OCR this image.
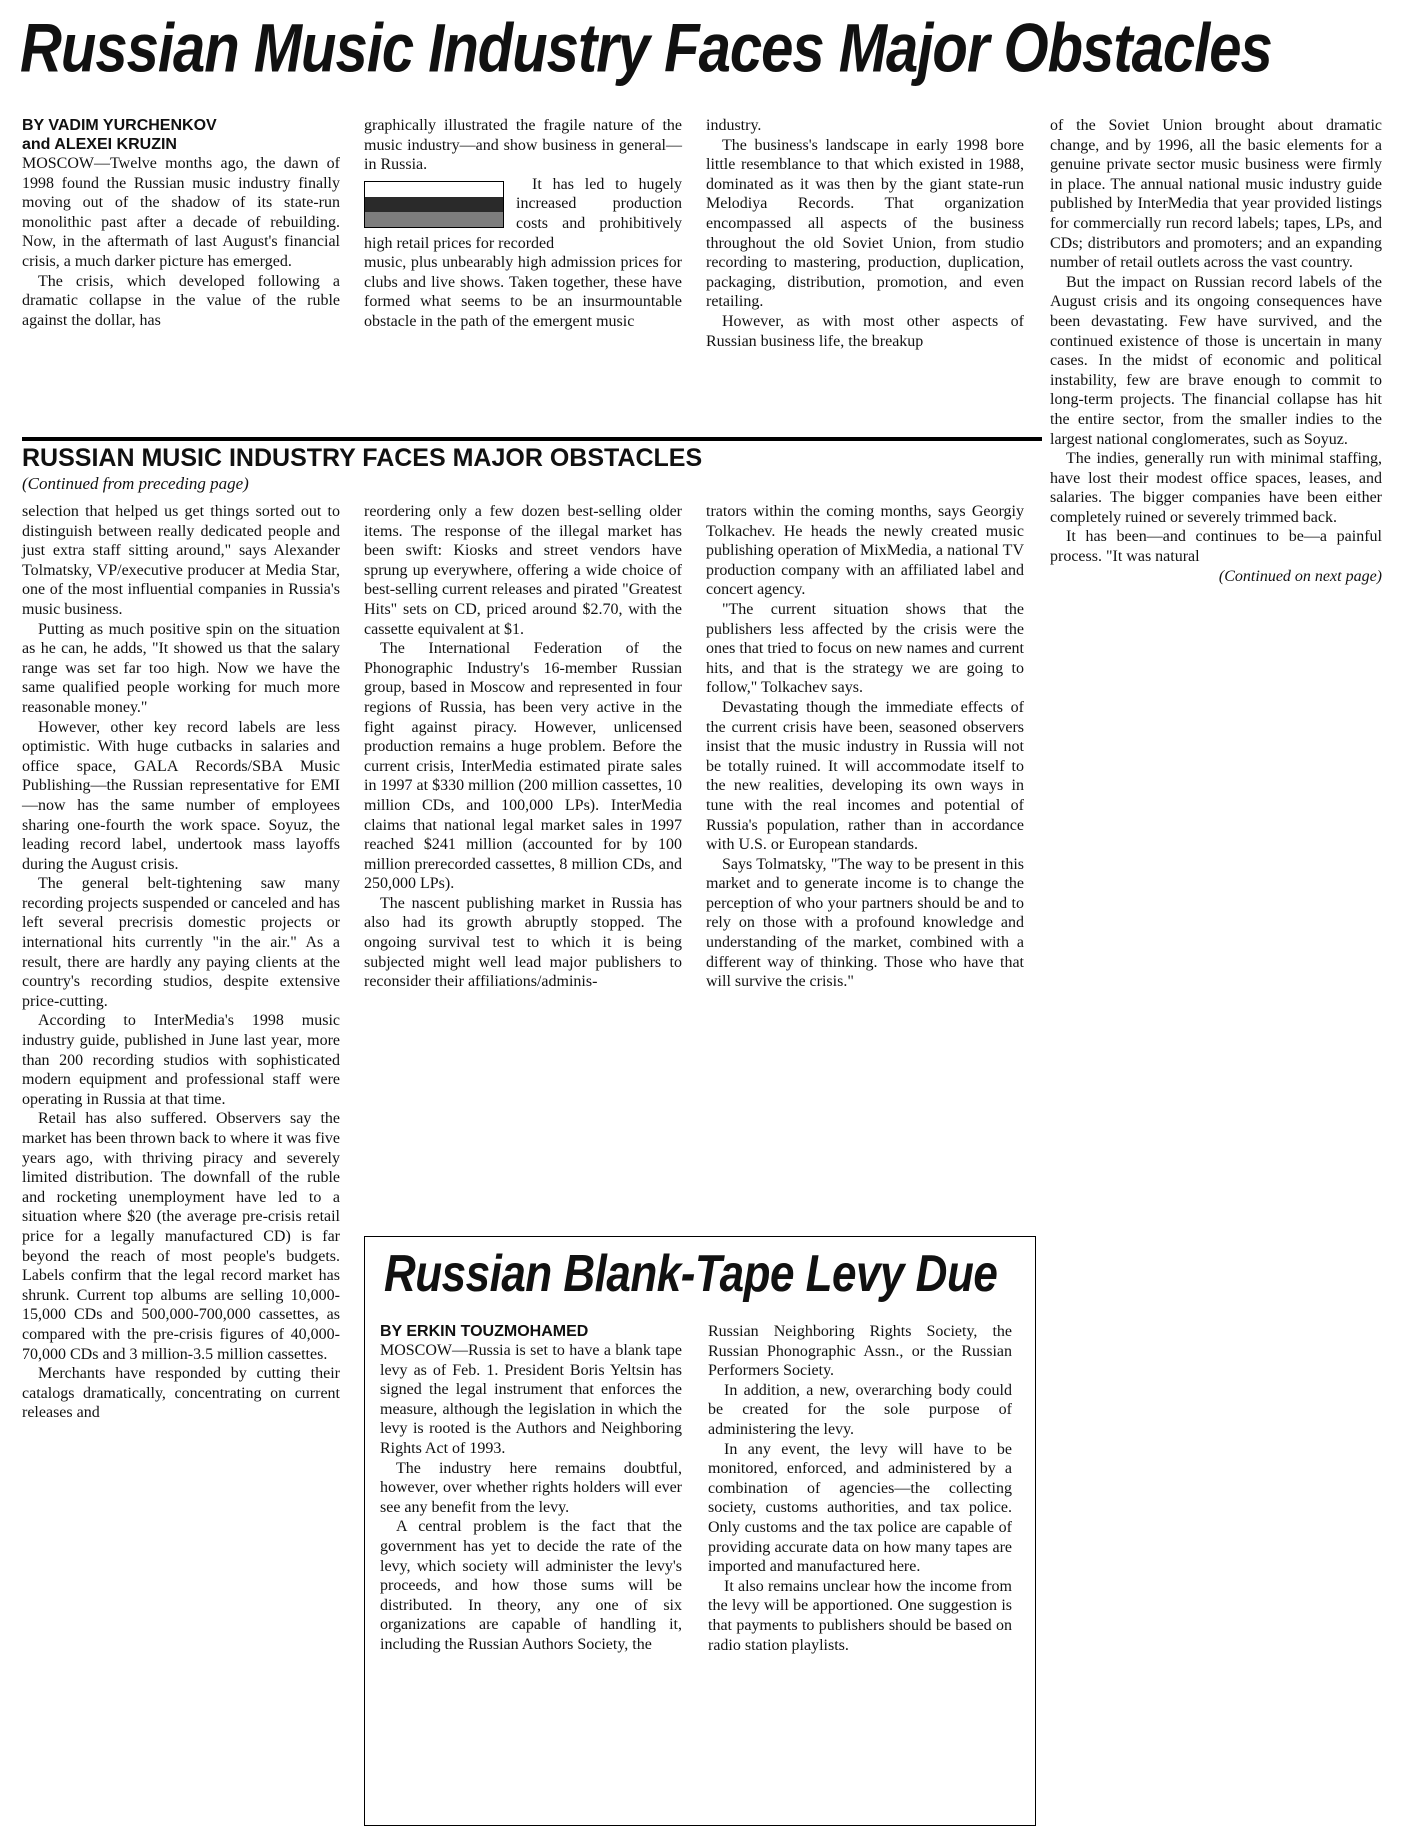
Russian Music Industry Faces Major Obstacles

BY VADIM YURCHENKOV

and ALEXEI KRUZIN

MOSCOW—Twelve months ago, the dawn of 1998 found the Russian music industry finally moving out of the shadow of its state-run monolithic past after a decade of rebuilding. Now, in the aftermath of last August's financial crisis, a much darker picture has emerged.

The crisis, which developed following a dramatic collapse in the value of the ruble against the dollar, has

graphically illustrated the fragile nature of the music industry—and show business in general—in Russia.

It has led to hugely increased production costs and prohibitively high retail prices for recorded

music, plus unbearably high admission prices for clubs and live shows. Taken together, these have formed what seems to be an insurmountable obstacle in the path of the emergent music

industry.

The business's landscape in early 1998 bore little resemblance to that which existed in 1988, dominated as it was then by the giant state-run Melodiya Records. That organization encompassed all aspects of the business throughout the old Soviet Union, from studio recording to mastering, production, duplication, packaging, distribution, promotion, and even retailing.

However, as with most other aspects of Russian business life, the breakup

of the Soviet Union brought about dramatic change, and by 1996, all the basic elements for a genuine private sector music business were firmly in place. The annual national music industry guide published by InterMedia that year provided listings for commercially run record labels; tapes, LPs, and CDs; distributors and promoters; and an expanding number of retail outlets across the vast country.

But the impact on Russian record labels of the August crisis and its ongoing consequences have been devastating. Few have survived, and the continued existence of those is uncertain in many cases. In the midst of economic and political instability, few are brave enough to commit to long-term projects. The financial collapse has hit the entire sector, from the smaller indies to the largest national conglomerates, such as Soyuz.

The indies, generally run with minimal staffing, have lost their modest office spaces, leases, and salaries. The bigger companies have been either completely ruined or severely trimmed back.

It has been—and continues to be—a painful process. "It was natural

(Continued on next page)

RUSSIAN MUSIC INDUSTRY FACES MAJOR OBSTACLES
(Continued from preceding page)

selection that helped us get things sorted out to distinguish between really dedicated people and just extra staff sitting around," says Alexander Tolmatsky, VP/executive producer at Media Star, one of the most influential companies in Russia's music business.

Putting as much positive spin on the situation as he can, he adds, "It showed us that the salary range was set far too high. Now we have the same qualified people working for much more reasonable money."

However, other key record labels are less optimistic. With huge cutbacks in salaries and office space, GALA Records/SBA Music Publishing—the Russian representative for EMI—now has the same number of employees sharing one-fourth the work space. Soyuz, the leading record label, undertook mass layoffs during the August crisis.

The general belt-tightening saw many recording projects suspended or canceled and has left several precrisis domestic projects or international hits currently "in the air." As a result, there are hardly any paying clients at the country's recording studios, despite extensive price-cutting.

According to InterMedia's 1998 music industry guide, published in June last year, more than 200 recording studios with sophisticated modern equipment and professional staff were operating in Russia at that time.

Retail has also suffered. Observers say the market has been thrown back to where it was five years ago, with thriving piracy and severely limited distribution. The downfall of the ruble and rocketing unemployment have led to a situation where $20 (the average pre-crisis retail price for a legally manufactured CD) is far beyond the reach of most people's budgets. Labels confirm that the legal record market has shrunk. Current top albums are selling 10,000-15,000 CDs and 500,000-700,000 cassettes, as compared with the pre-crisis figures of 40,000-70,000 CDs and 3 million-3.5 million cassettes.

Merchants have responded by cutting their catalogs dramatically, concentrating on current releases and

reordering only a few dozen best-selling older items. The response of the illegal market has been swift: Kiosks and street vendors have sprung up everywhere, offering a wide choice of best-selling current releases and pirated "Greatest Hits" sets on CD, priced around $2.70, with the cassette equivalent at $1.

The International Federation of the Phonographic Industry's 16-member Russian group, based in Moscow and represented in four regions of Russia, has been very active in the fight against piracy. However, unlicensed production remains a huge problem. Before the current crisis, InterMedia estimated pirate sales in 1997 at $330 million (200 million cassettes, 10 million CDs, and 100,000 LPs). InterMedia claims that national legal market sales in 1997 reached $241 million (accounted for by 100 million prerecorded cassettes, 8 million CDs, and 250,000 LPs).

The nascent publishing market in Russia has also had its growth abruptly stopped. The ongoing survival test to which it is being subjected might well lead major publishers to reconsider their affiliations/adminis-

trators within the coming months, says Georgiy Tolkachev. He heads the newly created music publishing operation of MixMedia, a national TV production company with an affiliated label and concert agency.

"The current situation shows that the publishers less affected by the crisis were the ones that tried to focus on new names and current hits, and that is the strategy we are going to follow," Tolkachev says.

Devastating though the immediate effects of the current crisis have been, seasoned observers insist that the music industry in Russia will not be totally ruined. It will accommodate itself to the new realities, developing its own ways in tune with the real incomes and potential of Russia's population, rather than in accordance with U.S. or European standards.

Says Tolmatsky, "The way to be present in this market and to generate income is to change the perception of who your partners should be and to rely on those with a profound knowledge and understanding of the market, combined with a different way of thinking. Those who have that will survive the crisis."

Russian Blank-Tape Levy Due

BY ERKIN TOUZMOHAMED

MOSCOW—Russia is set to have a blank tape levy as of Feb. 1. President Boris Yeltsin has signed the legal instrument that enforces the measure, although the legislation in which the levy is rooted is the Authors and Neighboring Rights Act of 1993.

The industry here remains doubtful, however, over whether rights holders will ever see any benefit from the levy.

A central problem is the fact that the government has yet to decide the rate of the levy, which society will administer the levy's proceeds, and how those sums will be distributed. In theory, any one of six organizations are capable of handling it, including the Russian Authors Society, the

Russian Neighboring Rights Society, the Russian Phonographic Assn., or the Russian Performers Society.

In addition, a new, overarching body could be created for the sole purpose of administering the levy.

In any event, the levy will have to be monitored, enforced, and administered by a combination of agencies—the collecting society, customs authorities, and tax police. Only customs and the tax police are capable of providing accurate data on how many tapes are imported and manufactured here.

It also remains unclear how the income from the levy will be apportioned. One suggestion is that payments to publishers should be based on radio station playlists.
